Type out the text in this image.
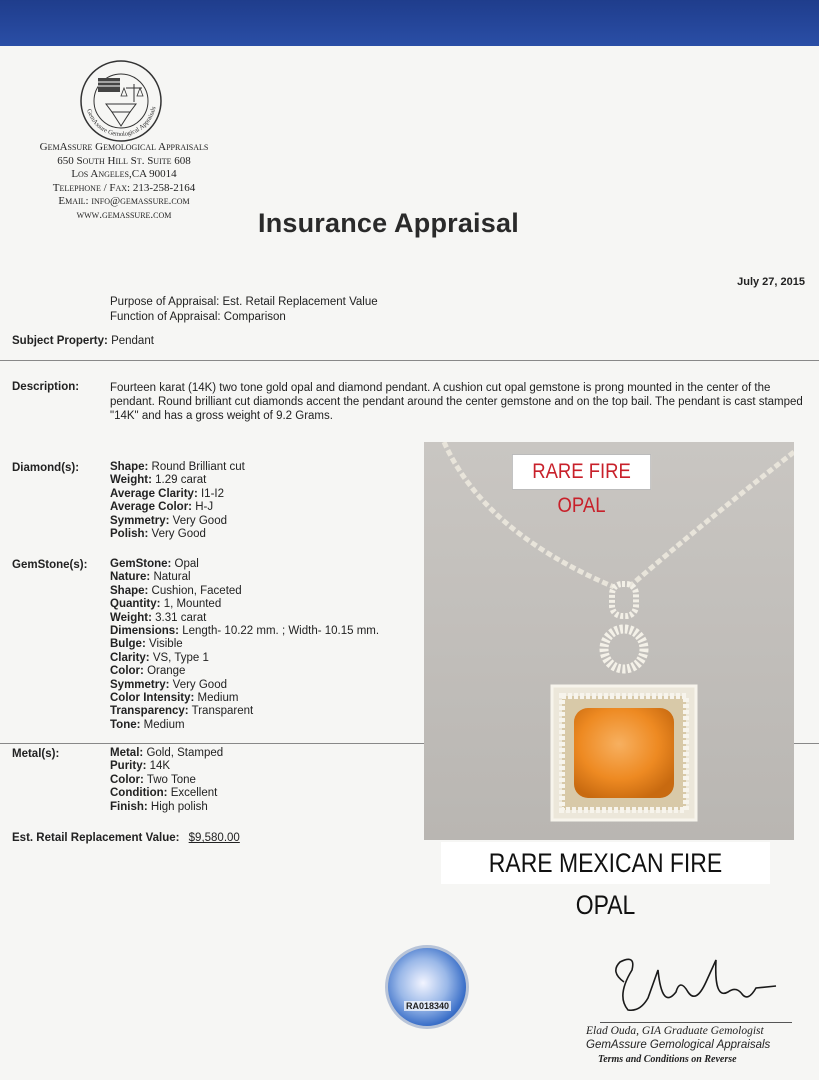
GemAssure Gemological Appraisals
GemAssure Gemological Appraisals
650 South Hill St. Suite 608
Los Angeles,CA 90014
Telephone / Fax: 213-258-2164
Email: info@gemassure.com
www.gemassure.com	Insurance Appraisal
July 27, 2015
Purpose of Appraisal: Est. Retail Replacement Value
Function of Appraisal: Comparison
Subject Property: Pendant
Description:	Fourteen karat (14K) two tone gold opal and diamond pendant. A cushion cut opal gemstone is prong mounted in the center of the pendant. Round brilliant cut diamonds accent the pendant around the center gemstone and on the top bail. The pendant is cast stamped "14K" and has a gross weight of 9.2 Grams.
Diamond(s):	Shape: Round Brilliant cut
Weight: 1.29 carat
Average Clarity: I1-I2
Average Color: H-J
Symmetry: Very Good
Polish: Very Good
GemStone(s): GemStone: Opal
Nature: Natural
Shape: Cushion, Faceted
Quantity: 1, Mounted
Weight: 3.31 carat
Dimensions: Length- 10.22 mm. ; Width- 10.15 mm.
Bulge: Visible
Clarity: VS, Type 1
Color: Orange
Symmetry: Very Good
Color Intensity: Medium
Transparency: Transparent
Tone: Medium
Metal(s):	Metal: Gold, Stamped
Purity: 14K
Color: Two Tone
Condition: Excellent
Finish: High polish
Est. Retail Replacement Value: $9,580.00
RARE FIRE OPAL
RARE MEXICAN FIRE OPAL
RA018340
Elad Ouda, GIA Graduate Gemologist
GemAssure Gemological Appraisals
Terms and Conditions on Reverse
